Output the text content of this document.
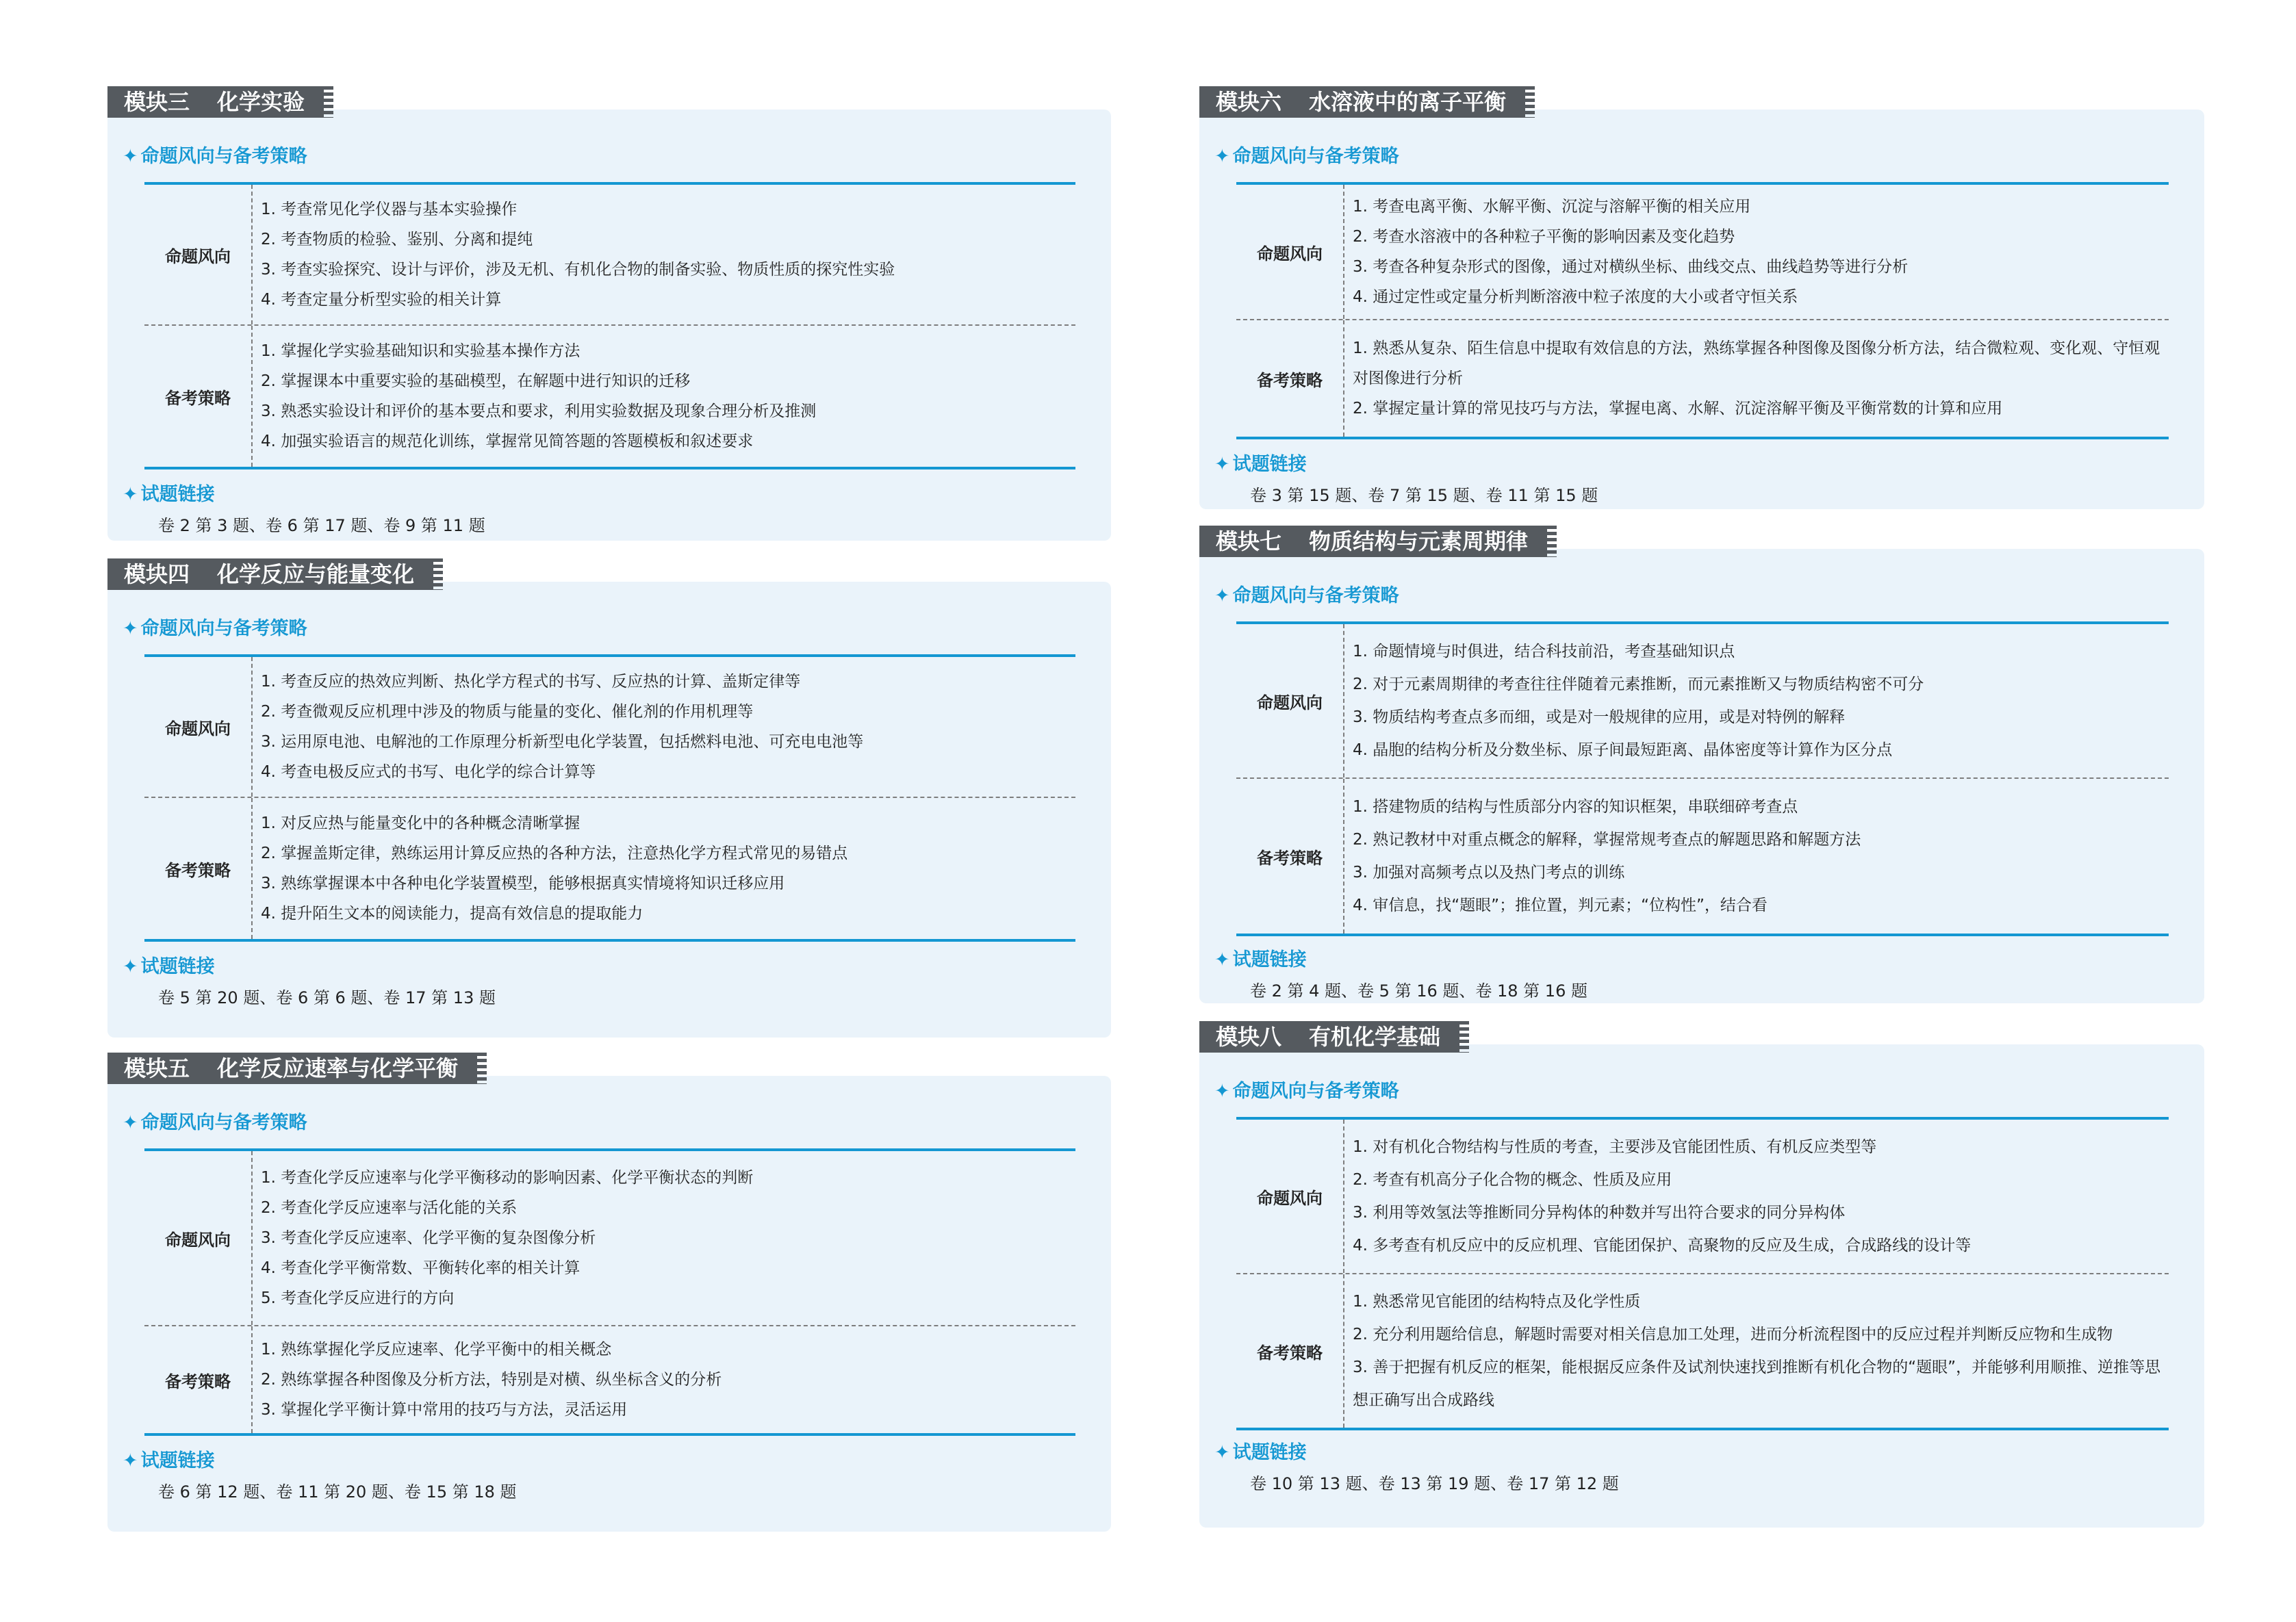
模块三 化学实验
✦ 命题风向与备考策略
命题风向
1. 考查常见化学仪器与基本实验操作
2. 考查物质的检验、鉴别、分离和提纯
3. 考查实验探究、设计与评价，涉及无机、有机化合物的制备实验、物质性质的探究性实验
4. 考查定量分析型实验的相关计算
备考策略
1. 掌握化学实验基础知识和实验基本操作方法
2. 掌握课本中重要实验的基础模型，在解题中进行知识的迁移
3. 熟悉实验设计和评价的基本要点和要求，利用实验数据及现象合理分析及推测
4. 加强实验语言的规范化训练，掌握常见简答题的答题模板和叙述要求
✦ 试题链接
卷 2 第 3 题、卷 6 第 17 题、卷 9 第 11 题
模块四 化学反应与能量变化
✦ 命题风向与备考策略
命题风向
1. 考查反应的热效应判断、热化学方程式的书写、反应热的计算、盖斯定律等
2. 考查微观反应机理中涉及的物质与能量的变化、催化剂的作用机理等
3. 运用原电池、电解池的工作原理分析新型电化学装置，包括燃料电池、可充电电池等
4. 考查电极反应式的书写、电化学的综合计算等
备考策略
1. 对反应热与能量变化中的各种概念清晰掌握
2. 掌握盖斯定律，熟练运用计算反应热的各种方法，注意热化学方程式常见的易错点
3. 熟练掌握课本中各种电化学装置模型，能够根据真实情境将知识迁移应用
4. 提升陌生文本的阅读能力，提高有效信息的提取能力
✦ 试题链接
卷 5 第 20 题、卷 6 第 6 题、卷 17 第 13 题
模块五 化学反应速率与化学平衡
✦ 命题风向与备考策略
命题风向
1. 考查化学反应速率与化学平衡移动的影响因素、化学平衡状态的判断
2. 考查化学反应速率与活化能的关系
3. 考查化学反应速率、化学平衡的复杂图像分析
4. 考查化学平衡常数、平衡转化率的相关计算
5. 考查化学反应进行的方向
备考策略
1. 熟练掌握化学反应速率、化学平衡中的相关概念
2. 熟练掌握各种图像及分析方法，特别是对横、纵坐标含义的分析
3. 掌握化学平衡计算中常用的技巧与方法，灵活运用
✦ 试题链接
卷 6 第 12 题、卷 11 第 20 题、卷 15 第 18 题
模块六 水溶液中的离子平衡
✦ 命题风向与备考策略
命题风向
1. 考查电离平衡、水解平衡、沉淀与溶解平衡的相关应用
2. 考查水溶液中的各种粒子平衡的影响因素及变化趋势
3. 考查各种复杂形式的图像，通过对横纵坐标、曲线交点、曲线趋势等进行分析
4. 通过定性或定量分析判断溶液中粒子浓度的大小或者守恒关系
备考策略
1. 熟悉从复杂、陌生信息中提取有效信息的方法，熟练掌握各种图像及图像分析方法，结合微粒观、变化观、守恒观对图像进行分析
2. 掌握定量计算的常见技巧与方法，掌握电离、水解、沉淀溶解平衡及平衡常数的计算和应用
✦ 试题链接
卷 3 第 15 题、卷 7 第 15 题、卷 11 第 15 题
模块七 物质结构与元素周期律
✦ 命题风向与备考策略
命题风向
1. 命题情境与时俱进，结合科技前沿，考查基础知识点
2. 对于元素周期律的考查往往伴随着元素推断，而元素推断又与物质结构密不可分
3. 物质结构考查点多而细，或是对一般规律的应用，或是对特例的解释
4. 晶胞的结构分析及分数坐标、原子间最短距离、晶体密度等计算作为区分点
备考策略
1. 搭建物质的结构与性质部分内容的知识框架，串联细碎考查点
2. 熟记教材中对重点概念的解释，掌握常规考查点的解题思路和解题方法
3. 加强对高频考点以及热门考点的训练
4. 审信息，找“题眼”；推位置，判元素；“位构性”，结合看
✦ 试题链接
卷 2 第 4 题、卷 5 第 16 题、卷 18 第 16 题
模块八 有机化学基础
✦ 命题风向与备考策略
命题风向
1. 对有机化合物结构与性质的考查，主要涉及官能团性质、有机反应类型等
2. 考查有机高分子化合物的概念、性质及应用
3. 利用等效氢法等推断同分异构体的种数并写出符合要求的同分异构体
4. 多考查有机反应中的反应机理、官能团保护、高聚物的反应及生成，合成路线的设计等
备考策略
1. 熟悉常见官能团的结构特点及化学性质
2. 充分利用题给信息，解题时需要对相关信息加工处理，进而分析流程图中的反应过程并判断反应物和生成物
3. 善于把握有机反应的框架，能根据反应条件及试剂快速找到推断有机化合物的“题眼”，并能够利用顺推、逆推等思想正确写出合成路线
✦ 试题链接
卷 10 第 13 题、卷 13 第 19 题、卷 17 第 12 题
